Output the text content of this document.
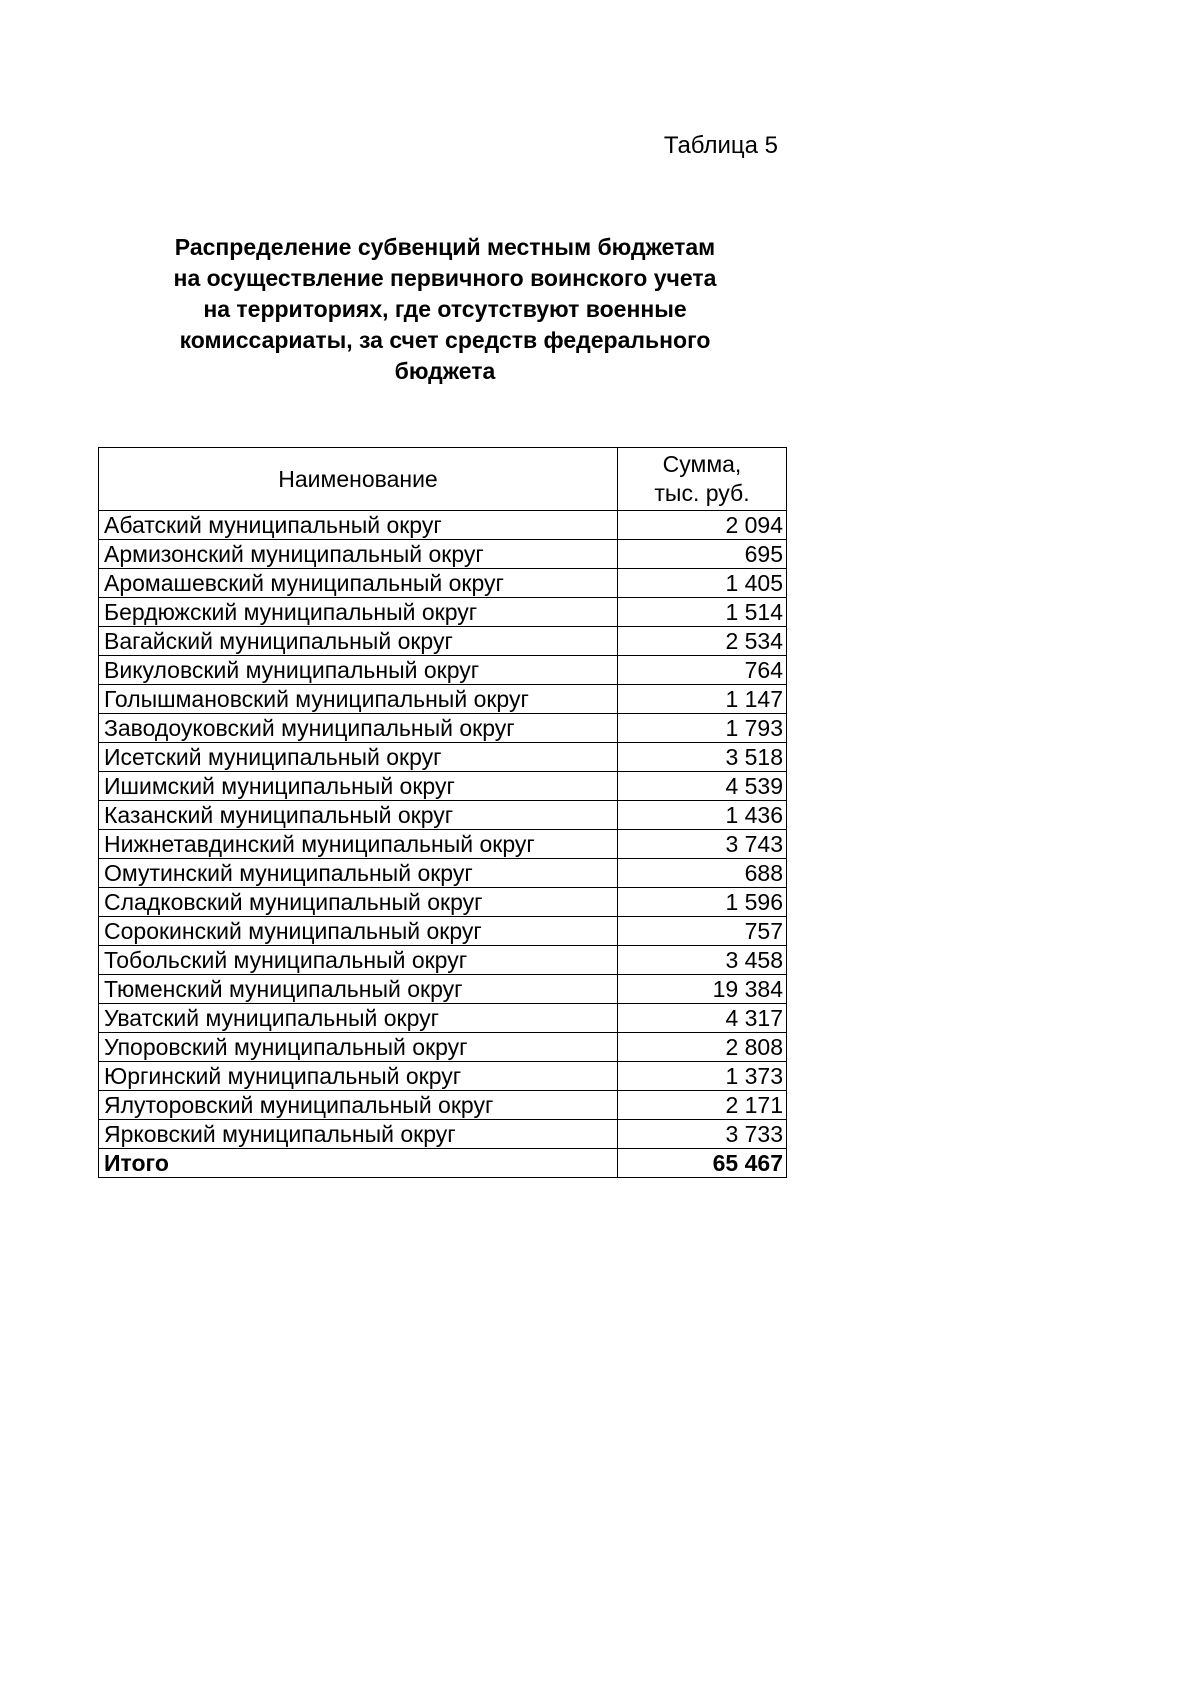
Таблица 5
Распределение субвенций местным бюджетам
на осуществление первичного воинского учета
на территориях, где отсутствуют военные
комиссариаты, за счет средств федерального
бюджета
Наименование	Сумма,
тыс. руб.

Абатский муниципальный округ	2 094
Армизонский муниципальный округ	695
Аромашевский муниципальный округ	1 405
Бердюжский муниципальный округ	1 514
Вагайский муниципальный округ	2 534
Викуловский муниципальный округ	764
Голышмановский муниципальный округ	1 147
Заводоуковский муниципальный округ	1 793
Исетский муниципальный округ	3 518
Ишимский муниципальный округ	4 539
Казанский муниципальный округ	1 436
Нижнетавдинский муниципальный округ	3 743
Омутинский муниципальный округ	688
Сладковский муниципальный округ	1 596
Сорокинский муниципальный округ	757
Тобольский муниципальный округ	3 458
Тюменский муниципальный округ	19 384
Уватский муниципальный округ	4 317
Упоровский муниципальный округ	2 808
Юргинский муниципальный округ	1 373
Ялуторовский муниципальный округ	2 171
Ярковский муниципальный округ	3 733
Итого	65 467
